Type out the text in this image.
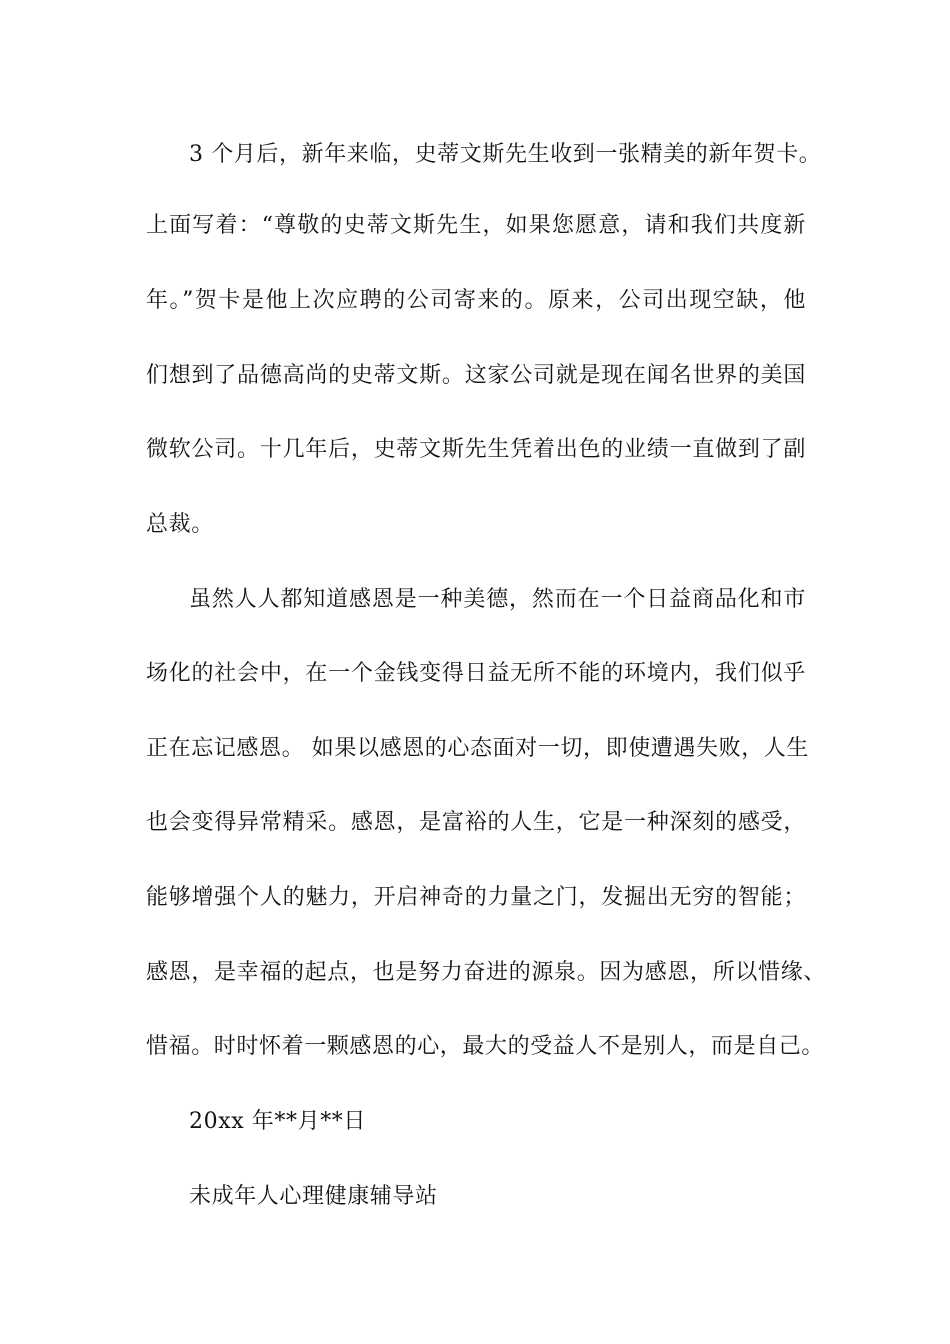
3 个月后，新年来临，史蒂文斯先生收到一张精美的新年贺卡。
上面写着：“尊敬的史蒂文斯先生，如果您愿意，请和我们共度新
年。”贺卡是他上次应聘的公司寄来的。原来，公司出现空缺，他
们想到了品德高尚的史蒂文斯。这家公司就是现在闻名世界的美国
微软公司。十几年后，史蒂文斯先生凭着出色的业绩一直做到了副
总裁。
虽然人人都知道感恩是一种美德，然而在一个日益商品化和市
场化的社会中，在一个金钱变得日益无所不能的环境内，我们似乎
正在忘记感恩。 如果以感恩的心态面对一切，即使遭遇失败，人生
也会变得异常精采。感恩，是富裕的人生，它是一种深刻的感受，
能够增强个人的魅力，开启神奇的力量之门，发掘出无穷的智能；
感恩，是幸福的起点，也是努力奋进的源泉。因为感恩，所以惜缘、
惜福。时时怀着一颗感恩的心，最大的受益人不是别人，而是自己。
20xx 年**月**日
未成年人心理健康辅导站
